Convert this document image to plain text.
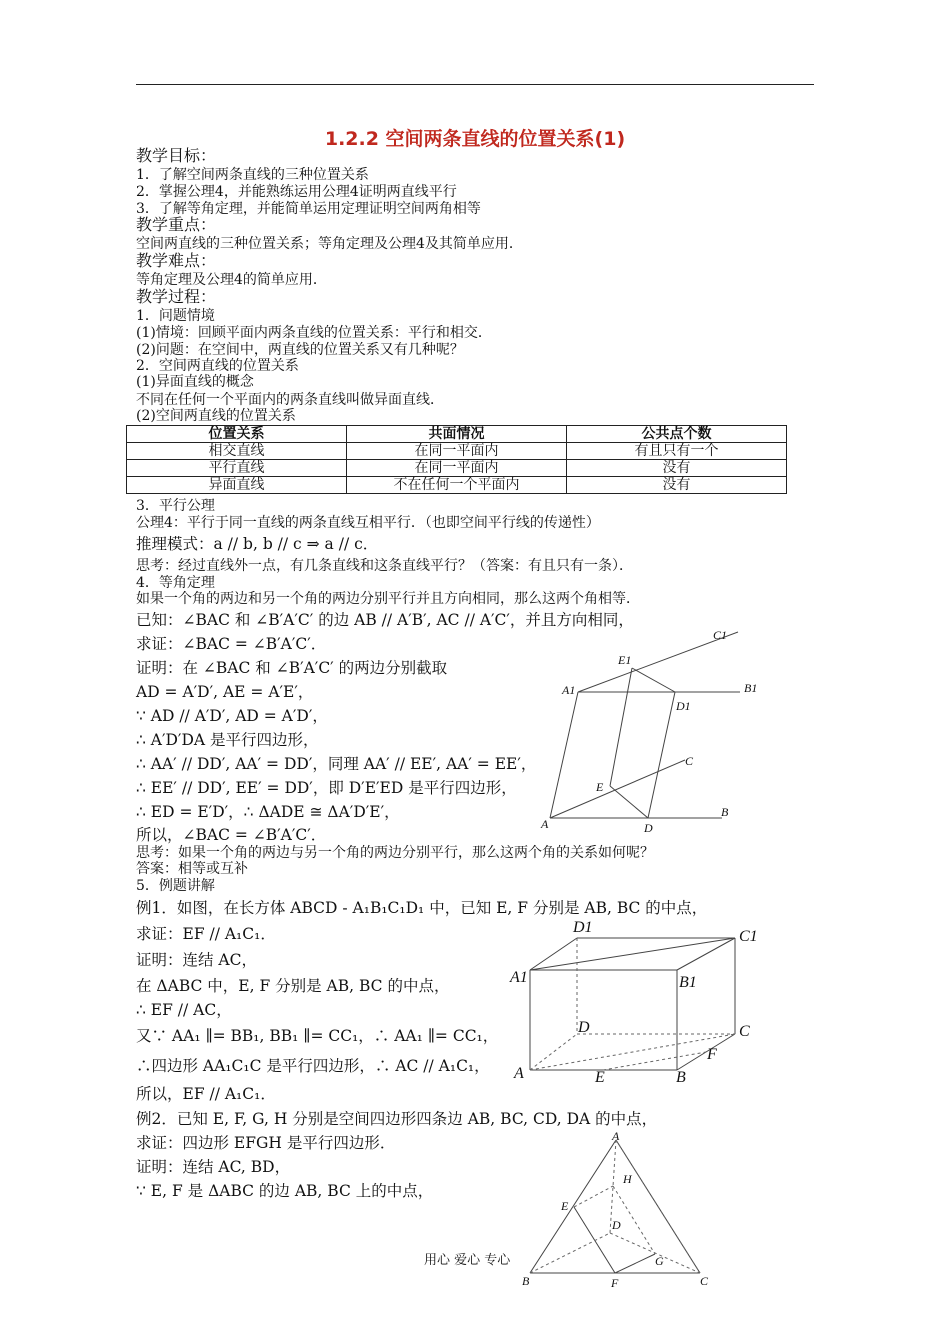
1.2.2 空间两条直线的位置关系(1)
教学目标：
1．了解空间两条直线的三种位置关系
2．掌握公理4，并能熟练运用公理4证明两直线平行
3．了解等角定理，并能简单运用定理证明空间两角相等
教学重点：
空间两直线的三种位置关系；等角定理及公理4及其简单应用．
教学难点：
等角定理及公理4的简单应用．
教学过程：
1．问题情境
(1)情境：回顾平面内两条直线的位置关系：平行和相交．
(2)问题：在空间中，两直线的位置关系又有几种呢？
2．空间两直线的位置关系
(1)异面直线的概念
不同在任何一个平面内的两条直线叫做异面直线．
(2)空间两直线的位置关系
位置关系	共面情况	公共点个数
相交直线	在同一平面内	有且只有一个
平行直线	在同一平面内	没有
异面直线	不在任何一个平面内	没有
3．平行公理
公理4：平行于同一直线的两条直线互相平行．（也即空间平行线的传递性）
推理模式：a // b, b // c ⇒ a // c．
思考：经过直线外一点，有几条直线和这条直线平行？（答案：有且只有一条）．
4．等角定理
如果一个角的两边和另一个角的两边分别平行并且方向相同，那么这两个角相等．
已知：∠BAC 和 ∠B′A′C′ 的边 AB // A′B′, AC // A′C′，并且方向相同，
求证：∠BAC = ∠B′A′C′．
证明：在 ∠BAC 和 ∠B′A′C′ 的两边分别截取
AD = A′D′, AE = A′E′，
∵ AD // A′D′, AD = A′D′，
∴ A′D′DA 是平行四边形，
∴ AA′ // DD′, AA′ = DD′，同理 AA′ // EE′, AA′ = EE′，
∴ EE′ // DD′, EE′ = DD′，即 D′E′ED 是平行四边形，
∴ ED = E′D′，∴ ΔADE ≅ ΔA′D′E′，
所以，∠BAC = ∠B′A′C′．
思考：如果一个角的两边与另一个角的两边分别平行，那么这两个角的关系如何呢？
答案：相等或互补
5．例题讲解
例1．如图，在长方体 ABCD - A₁B₁C₁D₁ 中，已知 E, F 分别是 AB, BC 的中点，
求证：EF // A₁C₁．
证明：连结 AC，
在 ΔABC 中，E, F 分别是 AB, BC 的中点，
∴ EF // AC，
又∵ AA₁ ∥= BB₁, BB₁ ∥= CC₁，∴ AA₁ ∥= CC₁，
∴四边形 AA₁C₁C 是平行四边形，∴ AC // A₁C₁，
所以，EF // A₁C₁．
例2．已知 E, F, G, H 分别是空间四边形四条边 AB, BC, CD, DA 的中点，
求证：四边形 EFGH 是平行四边形．
证明：连结 AC, BD，
∵ E, F 是 ΔABC 的边 AB, BC 上的中点，
C1
E1
A1	B1
D1
C
E
B
A	D
D1
C1
A1	B1
D	C
F
A	E	B
A
H
E
D
G
B	F	C
用心 爱心 专心
